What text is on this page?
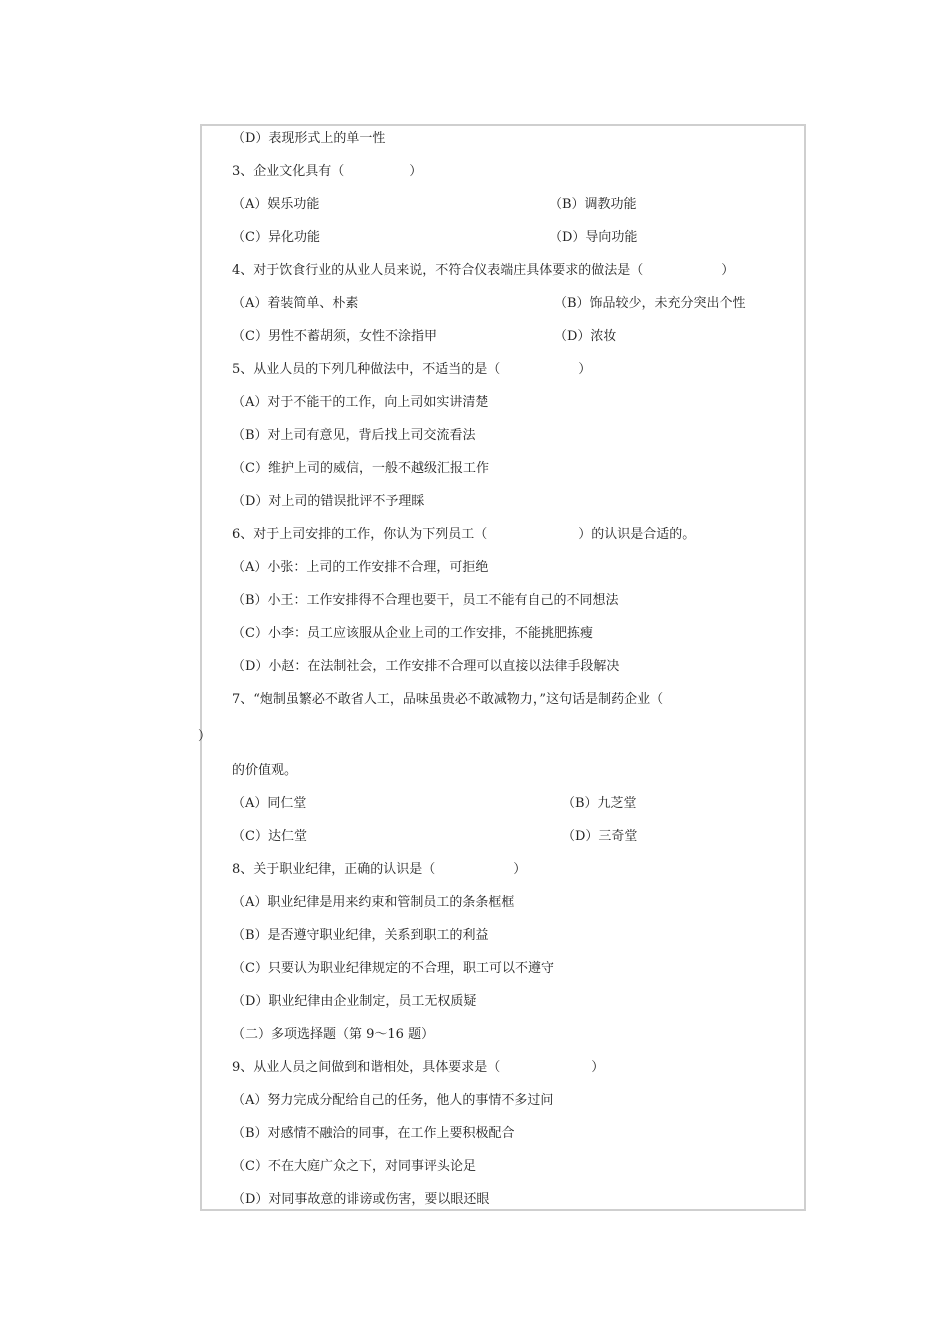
（D）表现形式上的单一性
3、企业文化具有（　　　　　）
（A）娱乐功能	（B）调教功能
（C）异化功能	（D）导向功能
4、对于饮食行业的从业人员来说，不符合仪表端庄具体要求的做法是（　　　　　　）
（A）着装简单、朴素	（B）饰品较少，未充分突出个性
（C）男性不蓄胡须，女性不涂指甲	（D）浓妆
5、从业人员的下列几种做法中，不适当的是（　　　　　　）
（A）对于不能干的工作，向上司如实讲清楚
（B）对上司有意见，背后找上司交流看法
（C）维护上司的威信，一般不越级汇报工作
（D）对上司的错误批评不予理睬
6、对于上司安排的工作，你认为下列员工（　　　　　　　）的认识是合适的。
（A）小张：上司的工作安排不合理，可拒绝
（B）小王：工作安排得不合理也要干，员工不能有自己的不同想法
（C）小李：员工应该服从企业上司的工作安排，不能挑肥拣瘦
（D）小赵：在法制社会，工作安排不合理可以直接以法律手段解决
7、“炮制虽繁必不敢省人工，品味虽贵必不敢减物力，”这句话是制药企业（
）
的价值观。
（A）同仁堂	（B）九芝堂
（C）达仁堂	（D）三奇堂
8、关于职业纪律，正确的认识是（　　　　　　）
（A）职业纪律是用来约束和管制员工的条条框框
（B）是否遵守职业纪律，关系到职工的利益
（C）只要认为职业纪律规定的不合理，职工可以不遵守
（D）职业纪律由企业制定，员工无权质疑
（二）多项选择题（第 9～16 题）
9、从业人员之间做到和谐相处，具体要求是（　　　　　　　）
（A）努力完成分配给自己的任务，他人的事情不多过问
（B）对感情不融洽的同事，在工作上要积极配合
（C）不在大庭广众之下，对同事评头论足
（D）对同事故意的诽谤或伤害，要以眼还眼
